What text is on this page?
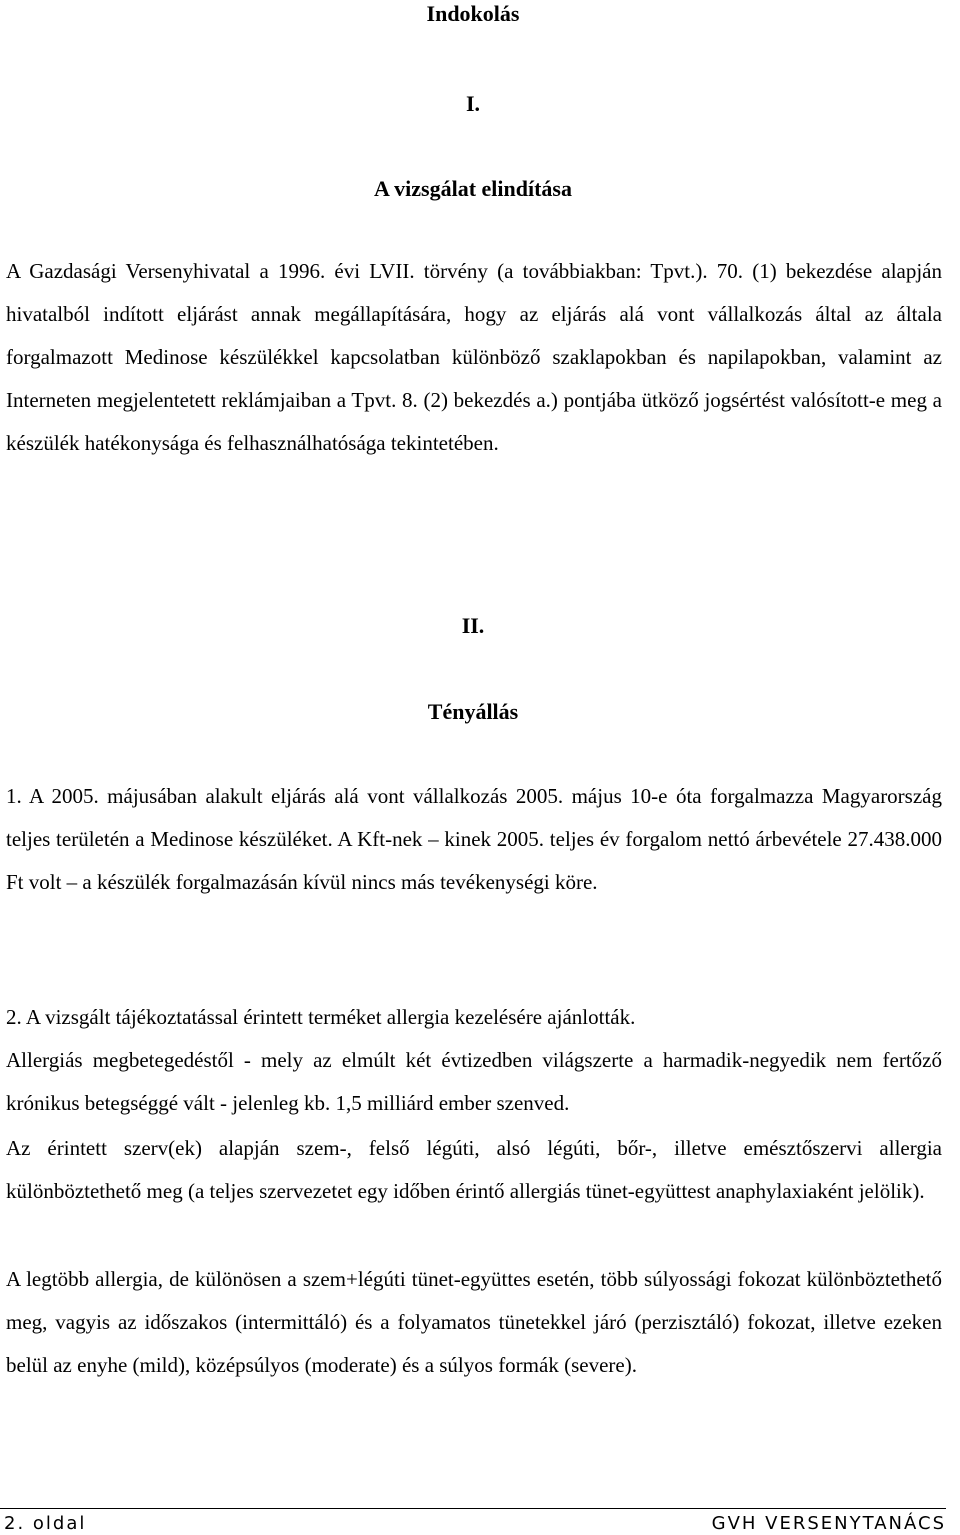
Indokolás
I.
A vizsgálat elindítása

A Gazdasági Versenyhivatal a 1996. évi LVII. törvény (a továbbiakban: Tpvt.). 70. (1) bekezdése alapján hivatalból indított eljárást annak megállapítására, hogy az eljárás alá vont vállalkozás által az általa forgalmazott Medinose készülékkel kapcsolatban különböző szaklapokban és napilapokban, valamint az Interneten megjelentetett reklámjaiban a Tpvt. 8. (2) bekezdés a.) pontjába ütköző jogsértést valósított-e meg a készülék hatékonysága és felhasználhatósága tekintetében.

II.
Tényállás

1. A 2005. májusában alakult eljárás alá vont vállalkozás 2005. május 10-e óta forgalmazza Magyarország teljes területén a Medinose készüléket. A Kft-nek – kinek 2005. teljes év forgalom nettó árbevétele 27.438.000 Ft volt – a készülék forgalmazásán kívül nincs más tevékenységi köre.

2. A vizsgált tájékoztatással érintett terméket allergia kezelésére ajánlották.

Allergiás megbetegedéstől - mely az elmúlt két évtizedben világszerte a harmadik-negyedik nem fertőző krónikus betegséggé vált - jelenleg kb. 1,5 milliárd ember szenved.

Az érintett szerv(ek) alapján szem-, felső légúti, alsó légúti, bőr-, illetve emésztőszervi allergia különböztethető meg (a teljes szervezetet egy időben érintő allergiás tünet-együttest anaphylaxiaként jelölik).

A legtöbb allergia, de különösen a szem+légúti tünet-együttes esetén, több súlyossági fokozat különböztethető meg, vagyis az időszakos (intermittáló) és a folyamatos tünetekkel járó (perzisztáló) fokozat, illetve ezeken belül az enyhe (mild), középsúlyos (moderate) és a súlyos formák (severe).

2. oldal	GVH VERSENYTANÁCS
